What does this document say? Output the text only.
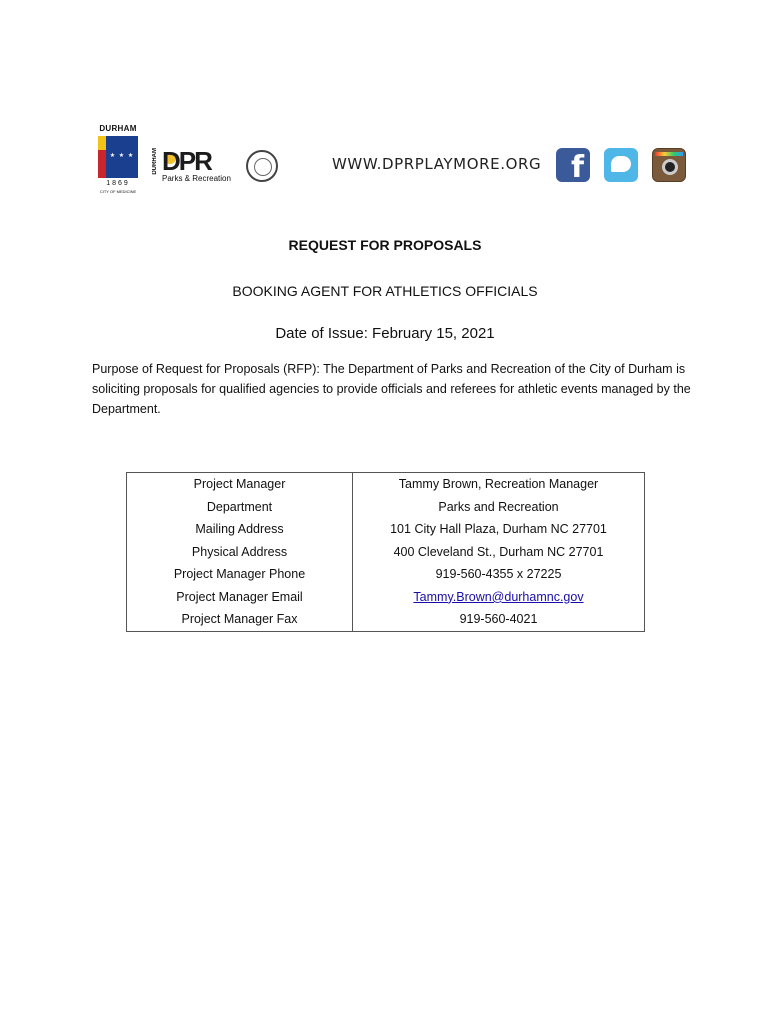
DURHAM
★ ★ ★
1869
CITY OF MEDICINE
DURHAM DPR
Parks & Recreation
WWW.DPRPLAYMORE.ORG f
REQUEST FOR PROPOSALS
BOOKING AGENT FOR ATHLETICS OFFICIALS
Date of Issue: February 15, 2021
Purpose of Request for Proposals (RFP): The Department of Parks and Recreation of the City of Durham is soliciting proposals for qualified agencies to provide officials and referees for athletic events managed by the Department.
Project Manager	Tammy Brown, Recreation Manager
Department	Parks and Recreation
Mailing Address	101 City Hall Plaza, Durham NC 27701
Physical Address	400 Cleveland St., Durham NC 27701
Project Manager Phone	919-560-4355 x 27225
Project Manager Email	Tammy.Brown@durhamnc.gov
Project Manager Fax	919-560-4021
